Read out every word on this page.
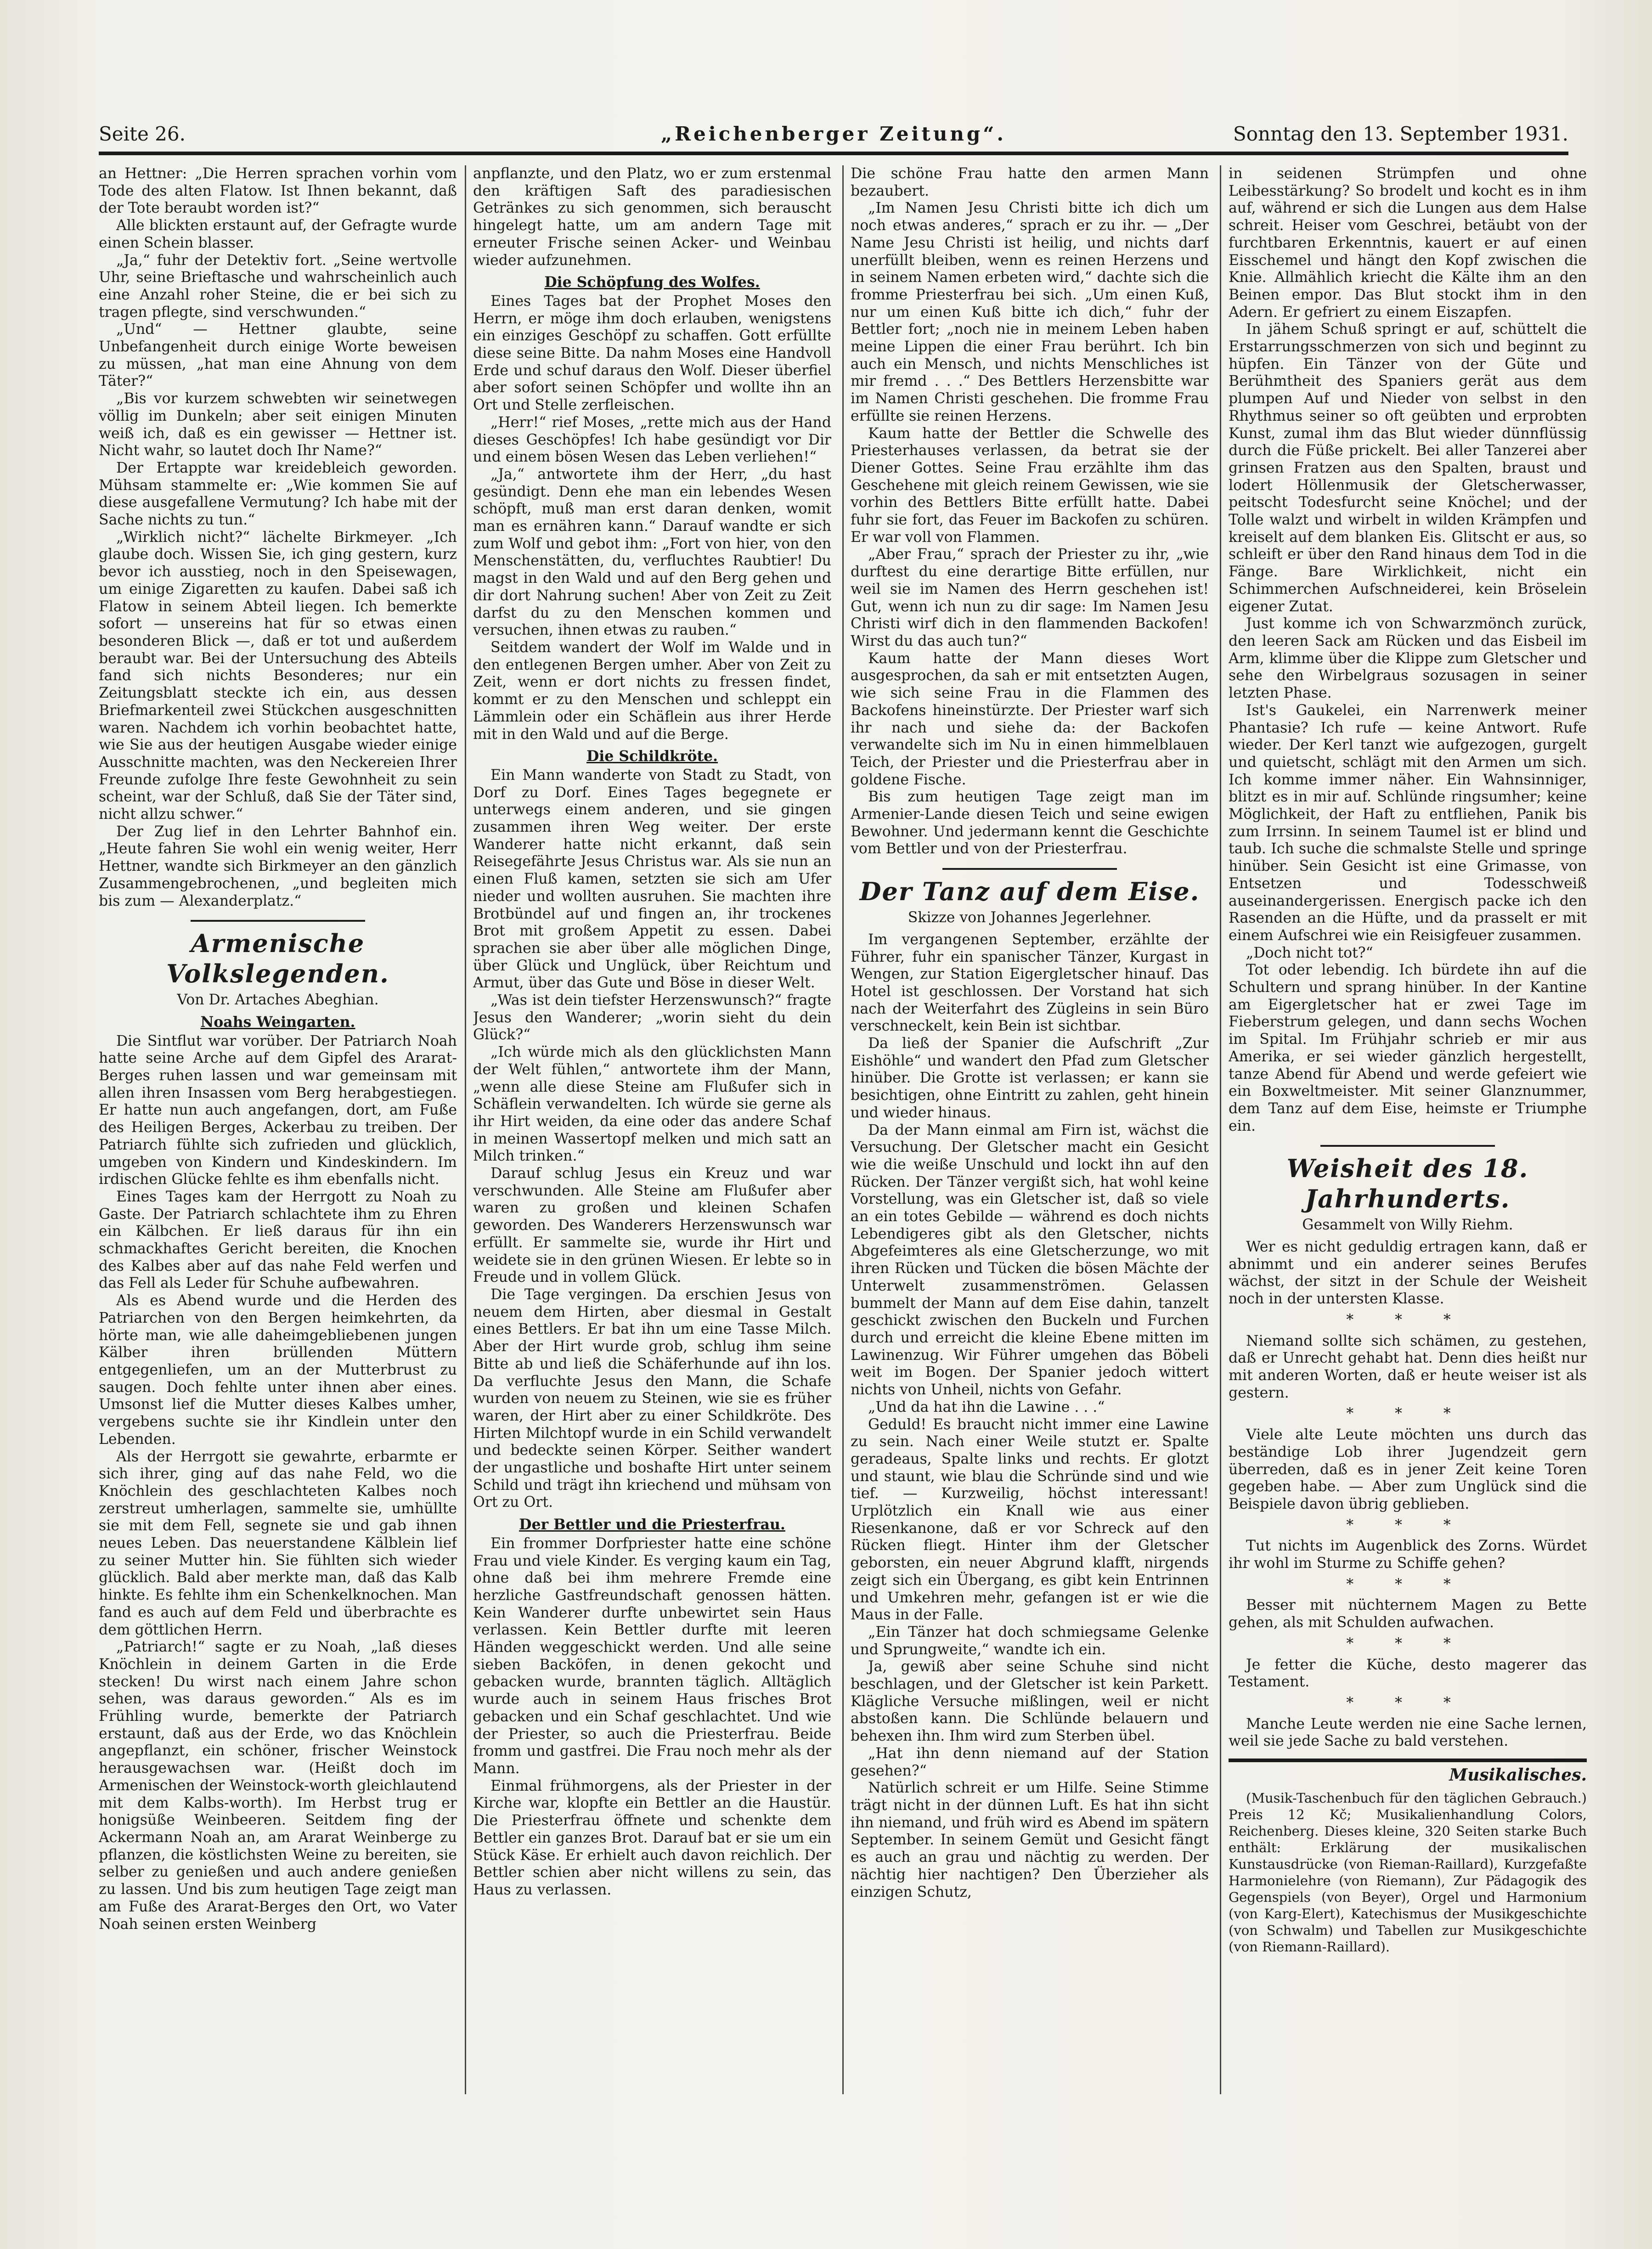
Seite 26.	„Reichenberger Zeitung“.	Sonntag den 13. September 1931.

an Hettner: „Die Herren sprachen vorhin vom Tode des alten Flatow. Ist Ihnen bekannt, daß der Tote beraubt worden ist?“

Alle blickten erstaunt auf, der Gefragte wurde einen Schein blasser.

„Ja,“ fuhr der Detektiv fort. „Seine wertvolle Uhr, seine Brieftasche und wahrscheinlich auch eine Anzahl roher Steine, die er bei sich zu tragen pflegte, sind verschwunden.“

„Und“ — Hettner glaubte, seine Unbefangenheit durch einige Worte beweisen zu müssen, „hat man eine Ahnung von dem Täter?“

„Bis vor kurzem schwebten wir seinetwegen völlig im Dunkeln; aber seit einigen Minuten weiß ich, daß es ein gewisser — Hettner ist. Nicht wahr, so lautet doch Ihr Name?“

Der Ertappte war kreidebleich geworden. Mühsam stammelte er: „Wie kommen Sie auf diese ausgefallene Vermutung? Ich habe mit der Sache nichts zu tun.“

„Wirklich nicht?“ lächelte Birkmeyer. „Ich glaube doch. Wissen Sie, ich ging gestern, kurz bevor ich ausstieg, noch in den Speisewagen, um einige Zigaretten zu kaufen. Dabei saß ich Flatow in seinem Abteil liegen. Ich bemerkte sofort — unsereins hat für so etwas einen besonderen Blick —, daß er tot und außerdem beraubt war. Bei der Untersuchung des Abteils fand sich nichts Besonderes; nur ein Zeitungsblatt steckte ich ein, aus dessen Briefmarkenteil zwei Stückchen ausgeschnitten waren. Nachdem ich vorhin beobachtet hatte, wie Sie aus der heutigen Ausgabe wieder einige Ausschnitte machten, was den Neckereien Ihrer Freunde zufolge Ihre feste Gewohnheit zu sein scheint, war der Schluß, daß Sie der Täter sind, nicht allzu schwer.“

Der Zug lief in den Lehrter Bahnhof ein. „Heute fahren Sie wohl ein wenig weiter, Herr Hettner, wandte sich Birkmeyer an den gänzlich Zusammengebrochenen, „und begleiten mich bis zum — Alexanderplatz.“

Armenische Volkslegenden.
Von Dr. Artaches Abeghian.
Noahs Weingarten.

Die Sintflut war vorüber. Der Patriarch Noah hatte seine Arche auf dem Gipfel des Ararat-Berges ruhen lassen und war gemeinsam mit allen ihren Insassen vom Berg herabgestiegen. Er hatte nun auch angefangen, dort, am Fuße des Heiligen Berges, Ackerbau zu treiben. Der Patriarch fühlte sich zufrieden und glücklich, umgeben von Kindern und Kindeskindern. Im irdischen Glücke fehlte es ihm ebenfalls nicht.

Eines Tages kam der Herrgott zu Noah zu Gaste. Der Patriarch schlachtete ihm zu Ehren ein Kälbchen. Er ließ daraus für ihn ein schmackhaftes Gericht bereiten, die Knochen des Kalbes aber auf das nahe Feld werfen und das Fell als Leder für Schuhe aufbewahren.

Als es Abend wurde und die Herden des Patriarchen von den Bergen heimkehrten, da hörte man, wie alle daheimgebliebenen jungen Kälber ihren brüllenden Müttern entgegenliefen, um an der Mutterbrust zu saugen. Doch fehlte unter ihnen aber eines. Umsonst lief die Mutter dieses Kalbes umher, vergebens suchte sie ihr Kindlein unter den Lebenden.

Als der Herrgott sie gewahrte, erbarmte er sich ihrer, ging auf das nahe Feld, wo die Knöchlein des geschlachteten Kalbes noch zerstreut umherlagen, sammelte sie, umhüllte sie mit dem Fell, segnete sie und gab ihnen neues Leben. Das neuerstandene Kälblein lief zu seiner Mutter hin. Sie fühlten sich wieder glücklich. Bald aber merkte man, daß das Kalb hinkte. Es fehlte ihm ein Schenkelknochen. Man fand es auch auf dem Feld und überbrachte es dem göttlichen Herrn.

„Patriarch!“ sagte er zu Noah, „laß dieses Knöchlein in deinem Garten in die Erde stecken! Du wirst nach einem Jahre schon sehen, was daraus geworden.“ Als es im Frühling wurde, bemerkte der Patriarch erstaunt, daß aus der Erde, wo das Knöchlein angepflanzt, ein schöner, frischer Weinstock herausgewachsen war. (Heißt doch im Armenischen der Weinstock-worth gleichlautend mit dem Kalbs-worth). Im Herbst trug er honigsüße Weinbeeren. Seitdem fing der Ackermann Noah an, am Ararat Weinberge zu pflanzen, die köstlichsten Weine zu bereiten, sie selber zu genießen und auch andere genießen zu lassen. Und bis zum heutigen Tage zeigt man am Fuße des Ararat-Berges den Ort, wo Vater Noah seinen ersten Weinberg

anpflanzte, und den Platz, wo er zum erstenmal den kräftigen Saft des paradiesischen Getränkes zu sich genommen, sich berauscht hingelegt hatte, um am andern Tage mit erneuter Frische seinen Acker- und Weinbau wieder aufzunehmen.

Die Schöpfung des Wolfes.

Eines Tages bat der Prophet Moses den Herrn, er möge ihm doch erlauben, wenigstens ein einziges Geschöpf zu schaffen. Gott erfüllte diese seine Bitte. Da nahm Moses eine Handvoll Erde und schuf daraus den Wolf. Dieser überfiel aber sofort seinen Schöpfer und wollte ihn an Ort und Stelle zerfleischen.

„Herr!“ rief Moses, „rette mich aus der Hand dieses Geschöpfes! Ich habe gesündigt vor Dir und einem bösen Wesen das Leben verliehen!“

„Ja,“ antwortete ihm der Herr, „du hast gesündigt. Denn ehe man ein lebendes Wesen schöpft, muß man erst daran denken, womit man es ernähren kann.“ Darauf wandte er sich zum Wolf und gebot ihm: „Fort von hier, von den Menschenstätten, du, verfluchtes Raubtier! Du magst in den Wald und auf den Berg gehen und dir dort Nahrung suchen! Aber von Zeit zu Zeit darfst du zu den Menschen kommen und versuchen, ihnen etwas zu rauben.“

Seitdem wandert der Wolf im Walde und in den entlegenen Bergen umher. Aber von Zeit zu Zeit, wenn er dort nichts zu fressen findet, kommt er zu den Menschen und schleppt ein Lämmlein oder ein Schäflein aus ihrer Herde mit in den Wald und auf die Berge.

Die Schildkröte.

Ein Mann wanderte von Stadt zu Stadt, von Dorf zu Dorf. Eines Tages begegnete er unterwegs einem anderen, und sie gingen zusammen ihren Weg weiter. Der erste Wanderer hatte nicht erkannt, daß sein Reisegefährte Jesus Christus war. Als sie nun an einen Fluß kamen, setzten sie sich am Ufer nieder und wollten ausruhen. Sie machten ihre Brotbündel auf und fingen an, ihr trockenes Brot mit großem Appetit zu essen. Dabei sprachen sie aber über alle möglichen Dinge, über Glück und Unglück, über Reichtum und Armut, über das Gute und Böse in dieser Welt.

„Was ist dein tiefster Herzenswunsch?“ fragte Jesus den Wanderer; „worin sieht du dein Glück?“

„Ich würde mich als den glücklichsten Mann der Welt fühlen,“ antwortete ihm der Mann, „wenn alle diese Steine am Flußufer sich in Schäflein verwandelten. Ich würde sie gerne als ihr Hirt weiden, da eine oder das andere Schaf in meinen Wassertopf melken und mich satt an Milch trinken.“

Darauf schlug Jesus ein Kreuz und war verschwunden. Alle Steine am Flußufer aber waren zu großen und kleinen Schafen geworden. Des Wanderers Herzenswunsch war erfüllt. Er sammelte sie, wurde ihr Hirt und weidete sie in den grünen Wiesen. Er lebte so in Freude und in vollem Glück.

Die Tage vergingen. Da erschien Jesus von neuem dem Hirten, aber diesmal in Gestalt eines Bettlers. Er bat ihn um eine Tasse Milch. Aber der Hirt wurde grob, schlug ihm seine Bitte ab und ließ die Schäferhunde auf ihn los. Da verfluchte Jesus den Mann, die Schafe wurden von neuem zu Steinen, wie sie es früher waren, der Hirt aber zu einer Schildkröte. Des Hirten Milchtopf wurde in ein Schild verwandelt und bedeckte seinen Körper. Seither wandert der ungastliche und boshafte Hirt unter seinem Schild und trägt ihn kriechend und mühsam von Ort zu Ort.

Der Bettler und die Priesterfrau.

Ein frommer Dorfpriester hatte eine schöne Frau und viele Kinder. Es verging kaum ein Tag, ohne daß bei ihm mehrere Fremde eine herzliche Gastfreundschaft genossen hätten. Kein Wanderer durfte unbewirtet sein Haus verlassen. Kein Bettler durfte mit leeren Händen weggeschickt werden. Und alle seine sieben Backöfen, in denen gekocht und gebacken wurde, brannten täglich. Alltäglich wurde auch in seinem Haus frisches Brot gebacken und ein Schaf geschlachtet. Und wie der Priester, so auch die Priesterfrau. Beide fromm und gastfrei. Die Frau noch mehr als der Mann.

Einmal frühmorgens, als der Priester in der Kirche war, klopfte ein Bettler an die Haustür. Die Priesterfrau öffnete und schenkte dem Bettler ein ganzes Brot. Darauf bat er sie um ein Stück Käse. Er erhielt auch davon reichlich. Der Bettler schien aber nicht willens zu sein, das Haus zu verlassen.

Die schöne Frau hatte den armen Mann bezaubert.

„Im Namen Jesu Christi bitte ich dich um noch etwas anderes,“ sprach er zu ihr. — „Der Name Jesu Christi ist heilig, und nichts darf unerfüllt bleiben, wenn es reinen Herzens und in seinem Namen erbeten wird,“ dachte sich die fromme Priesterfrau bei sich. „Um einen Kuß, nur um einen Kuß bitte ich dich,“ fuhr der Bettler fort; „noch nie in meinem Leben haben meine Lippen die einer Frau berührt. Ich bin auch ein Mensch, und nichts Menschliches ist mir fremd . . .“ Des Bettlers Herzensbitte war im Namen Christi geschehen. Die fromme Frau erfüllte sie reinen Herzens.

Kaum hatte der Bettler die Schwelle des Priesterhauses verlassen, da betrat sie der Diener Gottes. Seine Frau erzählte ihm das Geschehene mit gleich reinem Gewissen, wie sie vorhin des Bettlers Bitte erfüllt hatte. Dabei fuhr sie fort, das Feuer im Backofen zu schüren. Er war voll von Flammen.

„Aber Frau,“ sprach der Priester zu ihr, „wie durftest du eine derartige Bitte erfüllen, nur weil sie im Namen des Herrn geschehen ist! Gut, wenn ich nun zu dir sage: Im Namen Jesu Christi wirf dich in den flammenden Backofen! Wirst du das auch tun?“

Kaum hatte der Mann dieses Wort ausgesprochen, da sah er mit entsetzten Augen, wie sich seine Frau in die Flammen des Backofens hineinstürzte. Der Priester warf sich ihr nach und siehe da: der Backofen verwandelte sich im Nu in einen himmelblauen Teich, der Priester und die Priesterfrau aber in goldene Fische.

Bis zum heutigen Tage zeigt man im Armenier-Lande diesen Teich und seine ewigen Bewohner. Und jedermann kennt die Geschichte vom Bettler und von der Priesterfrau.

Der Tanz auf dem Eise.
Skizze von Johannes Jegerlehner.

Im vergangenen September, erzählte der Führer, fuhr ein spanischer Tänzer, Kurgast in Wengen, zur Station Eigergletscher hinauf. Das Hotel ist geschlossen. Der Vorstand hat sich nach der Weiterfahrt des Zügleins in sein Büro verschneckelt, kein Bein ist sichtbar.

Da ließ der Spanier die Aufschrift „Zur Eishöhle“ und wandert den Pfad zum Gletscher hinüber. Die Grotte ist verlassen; er kann sie besichtigen, ohne Eintritt zu zahlen, geht hinein und wieder hinaus.

Da der Mann einmal am Firn ist, wächst die Versuchung. Der Gletscher macht ein Gesicht wie die weiße Unschuld und lockt ihn auf den Rücken. Der Tänzer vergißt sich, hat wohl keine Vorstellung, was ein Gletscher ist, daß so viele an ein totes Gebilde — während es doch nichts Lebendigeres gibt als den Gletscher, nichts Abgefeimteres als eine Gletscherzunge, wo mit ihren Rücken und Tücken die bösen Mächte der Unterwelt zusammenströmen. Gelassen bummelt der Mann auf dem Eise dahin, tanzelt geschickt zwischen den Buckeln und Furchen durch und erreicht die kleine Ebene mitten im Lawinenzug. Wir Führer umgehen das Böbeli weit im Bogen. Der Spanier jedoch wittert nichts von Unheil, nichts von Gefahr.

„Und da hat ihn die Lawine . . .“

Geduld! Es braucht nicht immer eine Lawine zu sein. Nach einer Weile stutzt er. Spalte geradeaus, Spalte links und rechts. Er glotzt und staunt, wie blau die Schründe sind und wie tief. — Kurzweilig, höchst interessant! Urplötzlich ein Knall wie aus einer Riesenkanone, daß er vor Schreck auf den Rücken fliegt. Hinter ihm der Gletscher geborsten, ein neuer Abgrund klafft, nirgends zeigt sich ein Übergang, es gibt kein Entrinnen und Umkehren mehr, gefangen ist er wie die Maus in der Falle.

„Ein Tänzer hat doch schmiegsame Gelenke und Sprungweite,“ wandte ich ein.

Ja, gewiß aber seine Schuhe sind nicht beschlagen, und der Gletscher ist kein Parkett. Klägliche Versuche mißlingen, weil er nicht abstoßen kann. Die Schlünde belauern und behexen ihn. Ihm wird zum Sterben übel.

„Hat ihn denn niemand auf der Station gesehen?“

Natürlich schreit er um Hilfe. Seine Stimme trägt nicht in der dünnen Luft. Es hat ihn sicht ihn niemand, und früh wird es Abend im spätern September. In seinem Gemüt und Gesicht fängt es auch an grau und nächtig zu werden. Der nächtig hier nachtigen? Den Überzieher als einzigen Schutz,

in seidenen Strümpfen und ohne Leibesstärkung? So brodelt und kocht es in ihm auf, während er sich die Lungen aus dem Halse schreit. Heiser vom Geschrei, betäubt von der furchtbaren Erkenntnis, kauert er auf einen Eisschemel und hängt den Kopf zwischen die Knie. Allmählich kriecht die Kälte ihm an den Beinen empor. Das Blut stockt ihm in den Adern. Er gefriert zu einem Eiszapfen.

In jähem Schuß springt er auf, schüttelt die Erstarrungsschmerzen von sich und beginnt zu hüpfen. Ein Tänzer von der Güte und Berühmtheit des Spaniers gerät aus dem plumpen Auf und Nieder von selbst in den Rhythmus seiner so oft geübten und erprobten Kunst, zumal ihm das Blut wieder dünnflüssig durch die Füße prickelt. Bei aller Tanzerei aber grinsen Fratzen aus den Spalten, braust und lodert Höllenmusik der Gletscherwasser, peitscht Todesfurcht seine Knöchel; und der Tolle walzt und wirbelt in wilden Krämpfen und kreiselt auf dem blanken Eis. Glitscht er aus, so schleift er über den Rand hinaus dem Tod in die Fänge. Bare Wirklichkeit, nicht ein Schimmerchen Aufschneiderei, kein Bröselein eigener Zutat.

Just komme ich von Schwarzmönch zurück, den leeren Sack am Rücken und das Eisbeil im Arm, klimme über die Klippe zum Gletscher und sehe den Wirbelgraus sozusagen in seiner letzten Phase.

Ist's Gaukelei, ein Narrenwerk meiner Phantasie? Ich rufe — keine Antwort. Rufe wieder. Der Kerl tanzt wie aufgezogen, gurgelt und quietscht, schlägt mit den Armen um sich. Ich komme immer näher. Ein Wahnsinniger, blitzt es in mir auf. Schlünde ringsumher; keine Möglichkeit, der Haft zu entfliehen, Panik bis zum Irrsinn. In seinem Taumel ist er blind und taub. Ich suche die schmalste Stelle und springe hinüber. Sein Gesicht ist eine Grimasse, von Entsetzen und Todesschweiß auseinandergerissen. Energisch packe ich den Rasenden an die Hüfte, und da prasselt er mit einem Aufschrei wie ein Reisigfeuer zusammen.

„Doch nicht tot?“

Tot oder lebendig. Ich bürdete ihn auf die Schultern und sprang hinüber. In der Kantine am Eigergletscher hat er zwei Tage im Fieberstrum gelegen, und dann sechs Wochen im Spital. Im Frühjahr schrieb er mir aus Amerika, er sei wieder gänzlich hergestellt, tanze Abend für Abend und werde gefeiert wie ein Boxweltmeister. Mit seiner Glanznummer, dem Tanz auf dem Eise, heimste er Triumphe ein.

Weisheit des 18. Jahrhunderts.
Gesammelt von Willy Riehm.

Wer es nicht geduldig ertragen kann, daß er abnimmt und ein anderer seines Berufes wächst, der sitzt in der Schule der Weisheit noch in der untersten Klasse.

* * *

Niemand sollte sich schämen, zu gestehen, daß er Unrecht gehabt hat. Denn dies heißt nur mit anderen Worten, daß er heute weiser ist als gestern.

* * *

Viele alte Leute möchten uns durch das beständige Lob ihrer Jugendzeit gern überreden, daß es in jener Zeit keine Toren gegeben habe. — Aber zum Unglück sind die Beispiele davon übrig geblieben.

* * *

Tut nichts im Augenblick des Zorns. Würdet ihr wohl im Sturme zu Schiffe gehen?

* * *

Besser mit nüchternem Magen zu Bette gehen, als mit Schulden aufwachen.

* * *

Je fetter die Küche, desto magerer das Testament.

* * *

Manche Leute werden nie eine Sache lernen, weil sie jede Sache zu bald verstehen.

Musikalisches.

(Musik-Taschenbuch für den täglichen Gebrauch.) Preis 12 Kč; Musikalienhandlung Colors, Reichenberg. Dieses kleine, 320 Seiten starke Buch enthält: Erklärung der musikalischen Kunstausdrücke (von Rieman-Raillard), Kurzgefaßte Harmonielehre (von Riemann), Zur Pädagogik des Gegenspiels (von Beyer), Orgel und Harmonium (von Karg-Elert), Katechismus der Musikgeschichte (von Schwalm) und Tabellen zur Musikgeschichte (von Riemann-Raillard).
